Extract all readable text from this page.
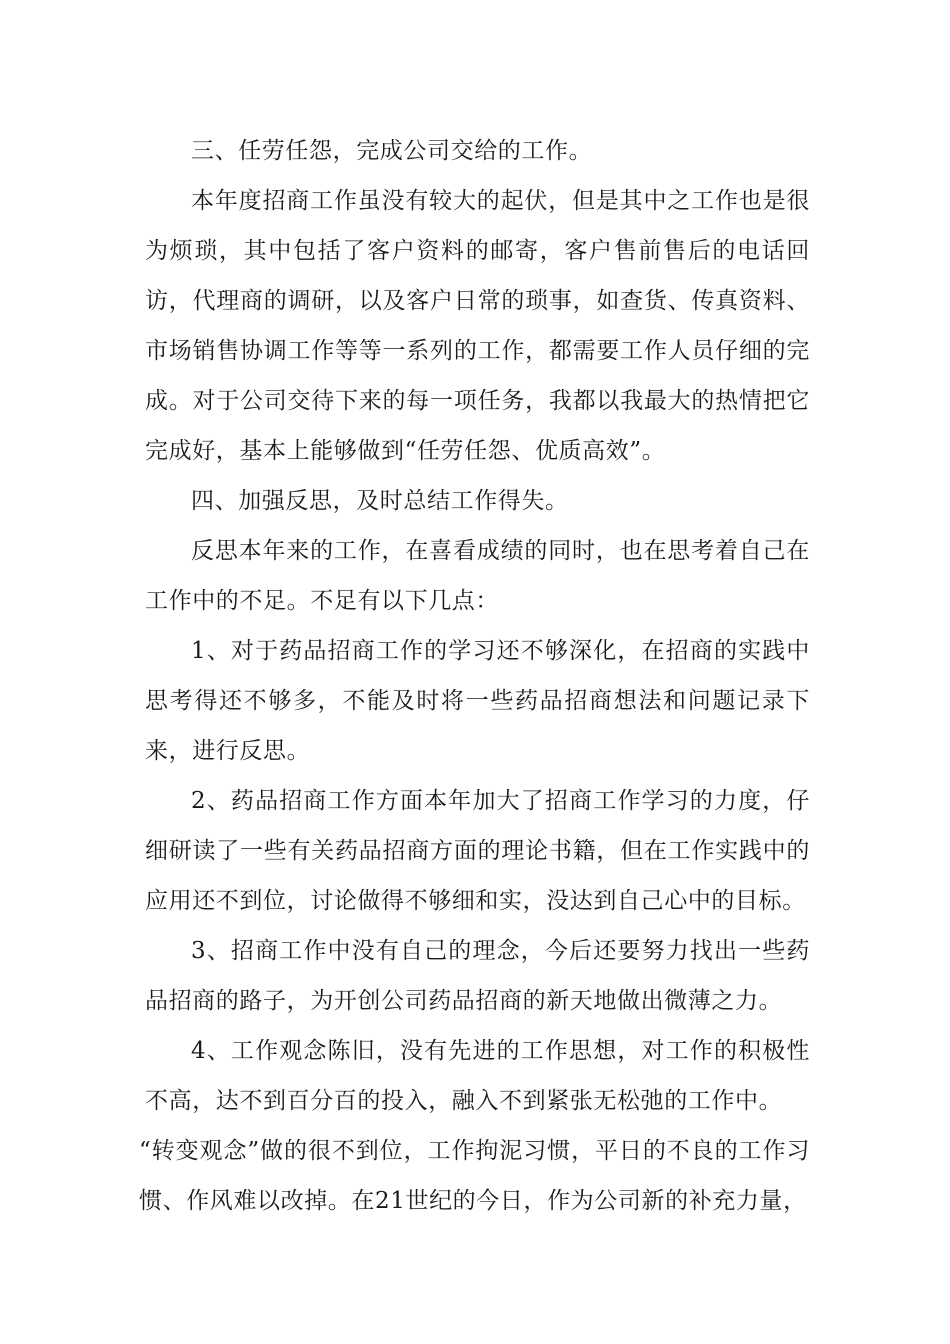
三、任劳任怨，完成公司交给的工作。

本年度招商工作虽没有较大的起伏，但是其中之工作也是很为烦琐，其中包括了客户资料的邮寄，客户售前售后的电话回访，代理商的调研，以及客户日常的琐事，如查货、传真资料、市场销售协调工作等等一系列的工作，都需要工作人员仔细的完成。对于公司交待下来的每一项任务，我都以我最大的热情把它完成好，基本上能够做到“任劳任怨、优质高效”。

四、加强反思，及时总结工作得失。

反思本年来的工作，在喜看成绩的同时，也在思考着自己在工作中的不足。不足有以下几点：

1、对于药品招商工作的学习还不够深化，在招商的实践中思考得还不够多，不能及时将一些药品招商想法和问题记录下来，进行反思。

2、药品招商工作方面本年加大了招商工作学习的力度，仔细研读了一些有关药品招商方面的理论书籍，但在工作实践中的应用还不到位，讨论做得不够细和实，没达到自己心中的目标。

3、招商工作中没有自己的理念，今后还要努力找出一些药品招商的路子，为开创公司药品招商的新天地做出微薄之力。

4、工作观念陈旧，没有先进的工作思想，对工作的积极性不高，达不到百分百的投入，融入不到紧张无松弛的工作中。

“转变观念”做的很不到位，工作拘泥习惯，平日的不良的工作习惯、作风难以改掉。在21世纪的今日，作为公司新的补充力量，
